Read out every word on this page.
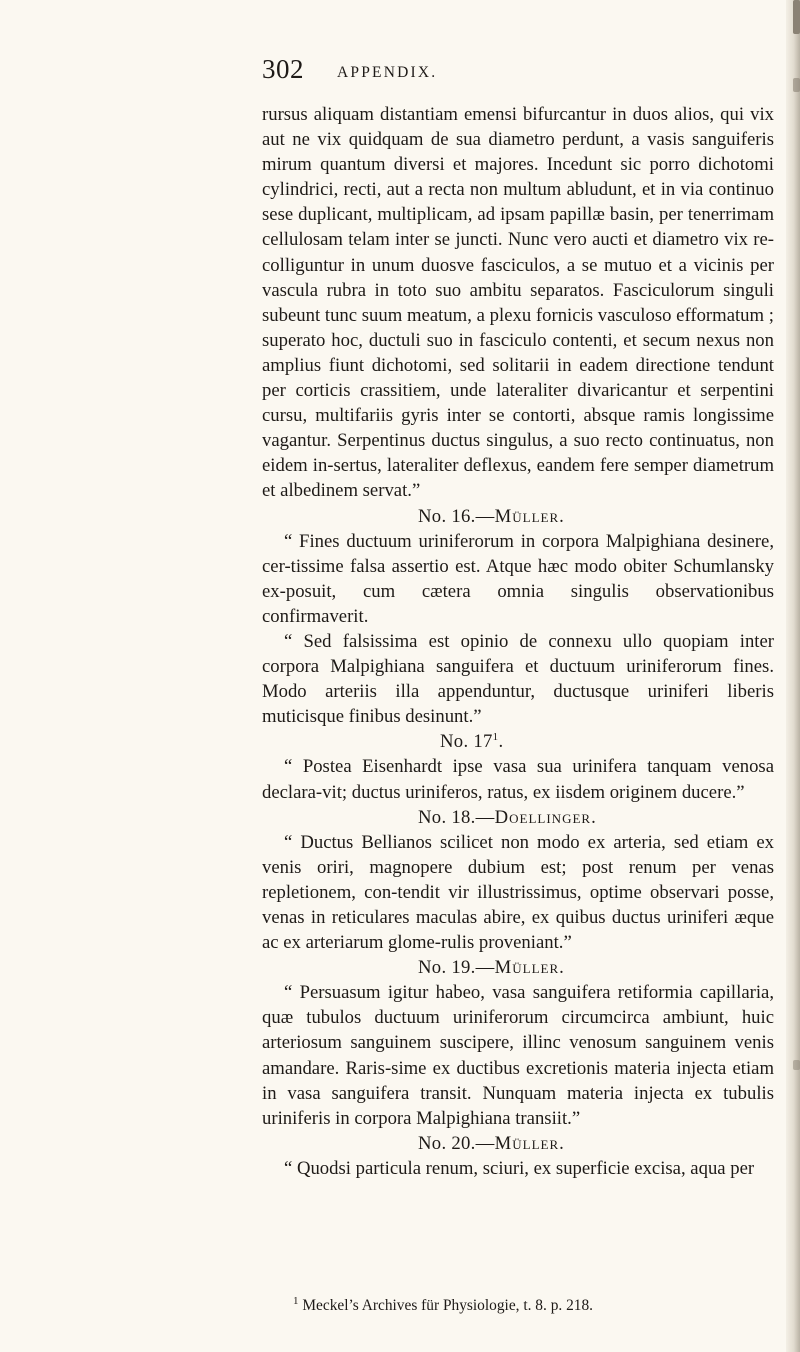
302 APPENDIX.

rursus aliquam distantiam emensi bifurcantur in duos alios, qui vix aut ne vix quidquam de sua diametro perdunt, a vasis sanguiferis mirum quantum diversi et majores. Incedunt sic porro dichotomi cylindrici, recti, aut a recta non multum abludunt, et in via continuo sese duplicant, multiplicam, ad ipsam papillæ basin, per tenerrimam cellulosam telam inter se juncti. Nunc vero aucti et diametro vix re-colliguntur in unum duosve fasciculos, a se mutuo et a vicinis per vascula rubra in toto suo ambitu separatos. Fasciculorum singuli subeunt tunc suum meatum, a plexu fornicis vasculoso efformatum ; superato hoc, ductuli suo in fasciculo contenti, et secum nexus non amplius fiunt dichotomi, sed solitarii in eadem directione tendunt per corticis crassitiem, unde lateraliter divaricantur et serpentini cursu, multifariis gyris inter se contorti, absque ramis longissime vagantur. Serpentinus ductus singulus, a suo recto continuatus, non eidem in-sertus, lateraliter deflexus, eandem fere semper diametrum et albedinem servat.”

No. 16.—Müller.

“ Fines ductuum uriniferorum in corpora Malpighiana desinere, cer-tissime falsa assertio est. Atque hæc modo obiter Schumlansky ex-posuit, cum cætera omnia singulis observationibus confirmaverit.

“ Sed falsissima est opinio de connexu ullo quopiam inter corpora Malpighiana sanguifera et ductuum uriniferorum fines. Modo arteriis illa appenduntur, ductusque uriniferi liberis muticisque finibus desinunt.”

No. $17^1$.

“ Postea Eisenhardt ipse vasa sua urinifera tanquam venosa declara-vit; ductus uriniferos, ratus, ex iisdem originem ducere.”

No. 18.—Doellinger.

“ Ductus Bellianos scilicet non modo ex arteria, sed etiam ex venis oriri, magnopere dubium est; post renum per venas repletionem, con-tendit vir illustrissimus, optime observari posse, venas in reticulares maculas abire, ex quibus ductus uriniferi æque ac ex arteriarum glome-rulis proveniant.”

No. 19.—Müller.

“ Persuasum igitur habeo, vasa sanguifera retiformia capillaria, quæ tubulos ductuum uriniferorum circumcirca ambiunt, huic arteriosum sanguinem suscipere, illinc venosum sanguinem venis amandare. Raris-sime ex ductibus excretionis materia injecta etiam in vasa sanguifera transit. Nunquam materia injecta ex tubulis uriniferis in corpora Malpighiana transiit.”

No. 20.—Müller.

“ Quodsi particula renum, sciuri, ex superficie excisa, aqua per

$^1$ Meckel’s Archives für Physiologie, t. 8. p. 218.
